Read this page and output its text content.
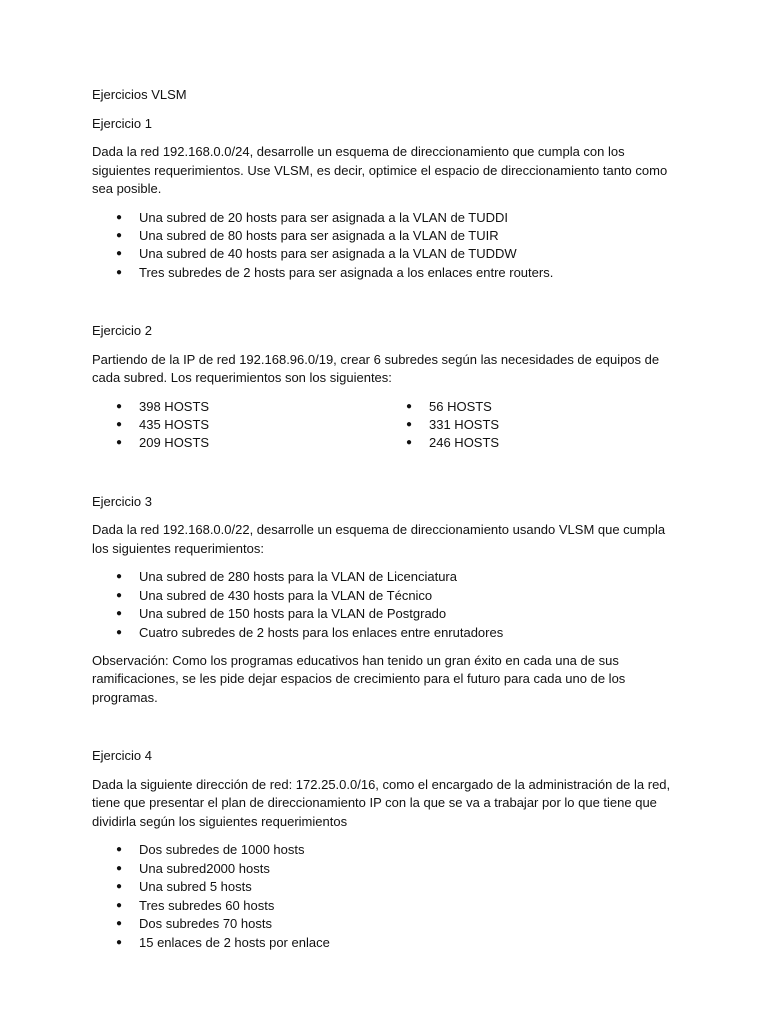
Ejercicios VLSM

Ejercicio 1

Dada la red 192.168.0.0/24, desarrolle un esquema de direccionamiento que cumpla con los

siguientes requerimientos. Use VLSM, es decir, optimice el espacio de direccionamiento tanto como

sea posible.

● Una subred de 20 hosts para ser asignada a la VLAN de TUDDI
● Una subred de 80 hosts para ser asignada a la VLAN de TUIR
● Una subred de 40 hosts para ser asignada a la VLAN de TUDDW
● Tres subredes de 2 hosts para ser asignada a los enlaces entre routers.

Ejercicio 2

Partiendo de la IP de red 192.168.96.0/19, crear 6 subredes según las necesidades de equipos de

cada subred. Los requerimientos son los siguientes:

● 398 HOSTS
● 435 HOSTS
● 209 HOSTS
● 56 HOSTS
● 331 HOSTS
● 246 HOSTS

Ejercicio 3

Dada la red 192.168.0.0/22, desarrolle un esquema de direccionamiento usando VLSM que cumpla

los siguientes requerimientos:

● Una subred de 280 hosts para la VLAN de Licenciatura
● Una subred de 430 hosts para la VLAN de Técnico
● Una subred de 150 hosts para la VLAN de Postgrado
● Cuatro subredes de 2 hosts para los enlaces entre enrutadores

Observación: Como los programas educativos han tenido un gran éxito en cada una de sus

ramificaciones, se les pide dejar espacios de crecimiento para el futuro para cada uno de los

programas.

Ejercicio 4

Dada la siguiente dirección de red: 172.25.0.0/16, como el encargado de la administración de la red,

tiene que presentar el plan de direccionamiento IP con la que se va a trabajar por lo que tiene que

dividirla según los siguientes requerimientos

● Dos subredes de 1000 hosts
● Una subred2000 hosts
● Una subred 5 hosts
● Tres subredes 60 hosts
● Dos subredes 70 hosts
● 15 enlaces de 2 hosts por enlace
